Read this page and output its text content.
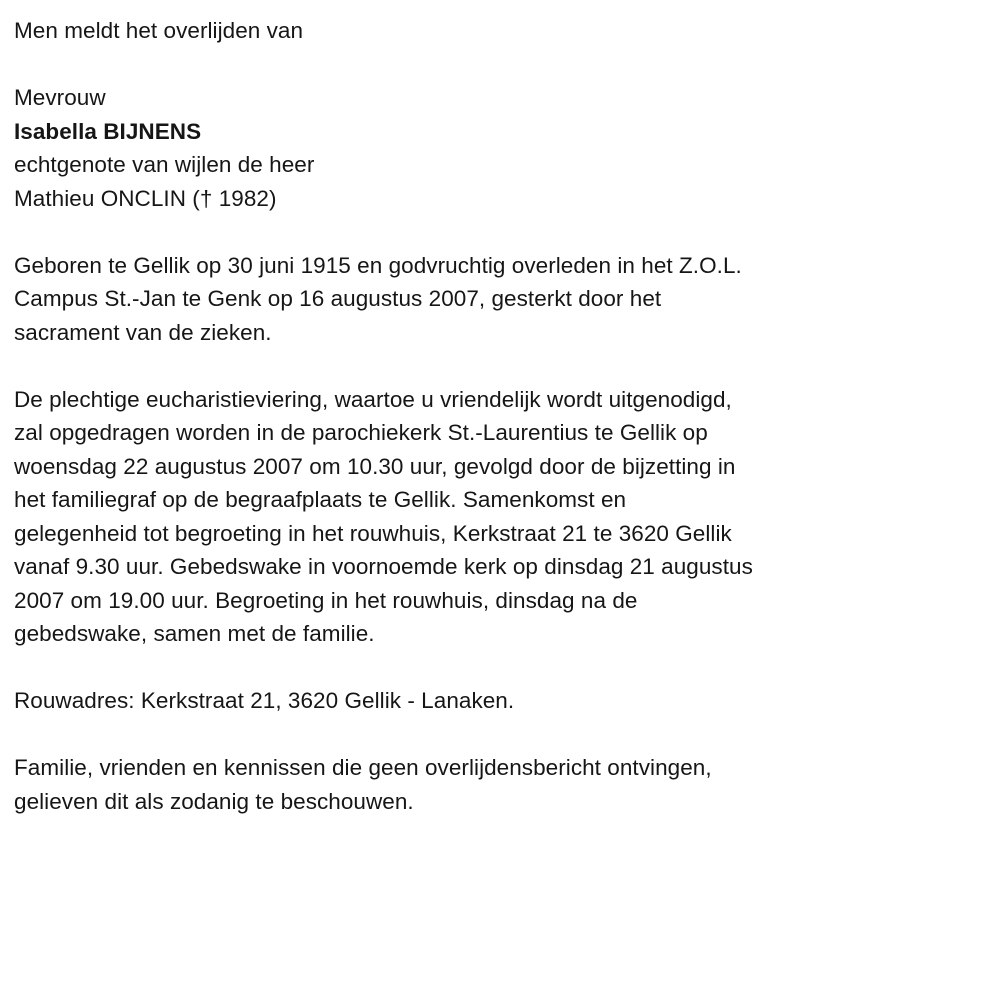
Men meldt het overlijden van
Mevrouw
Isabella BIJNENS
echtgenote van wijlen de heer
Mathieu ONCLIN († 1982)
Geboren te Gellik op 30 juni 1915 en godvruchtig overleden in het Z.O.L.
Campus St.-Jan te Genk op 16 augustus 2007, gesterkt door het
sacrament van de zieken.
De plechtige eucharistieviering, waartoe u vriendelijk wordt uitgenodigd,
zal opgedragen worden in de parochiekerk St.-Laurentius te Gellik op
woensdag 22 augustus 2007 om 10.30 uur, gevolgd door de bijzetting in
het familiegraf op de begraafplaats te Gellik. Samenkomst en
gelegenheid tot begroeting in het rouwhuis, Kerkstraat 21 te 3620 Gellik
vanaf 9.30 uur. Gebedswake in voornoemde kerk op dinsdag 21 augustus
2007 om 19.00 uur. Begroeting in het rouwhuis, dinsdag na de
gebedswake, samen met de familie.
Rouwadres: Kerkstraat 21, 3620 Gellik - Lanaken.
Familie, vrienden en kennissen die geen overlijdensbericht ontvingen,
gelieven dit als zodanig te beschouwen.
